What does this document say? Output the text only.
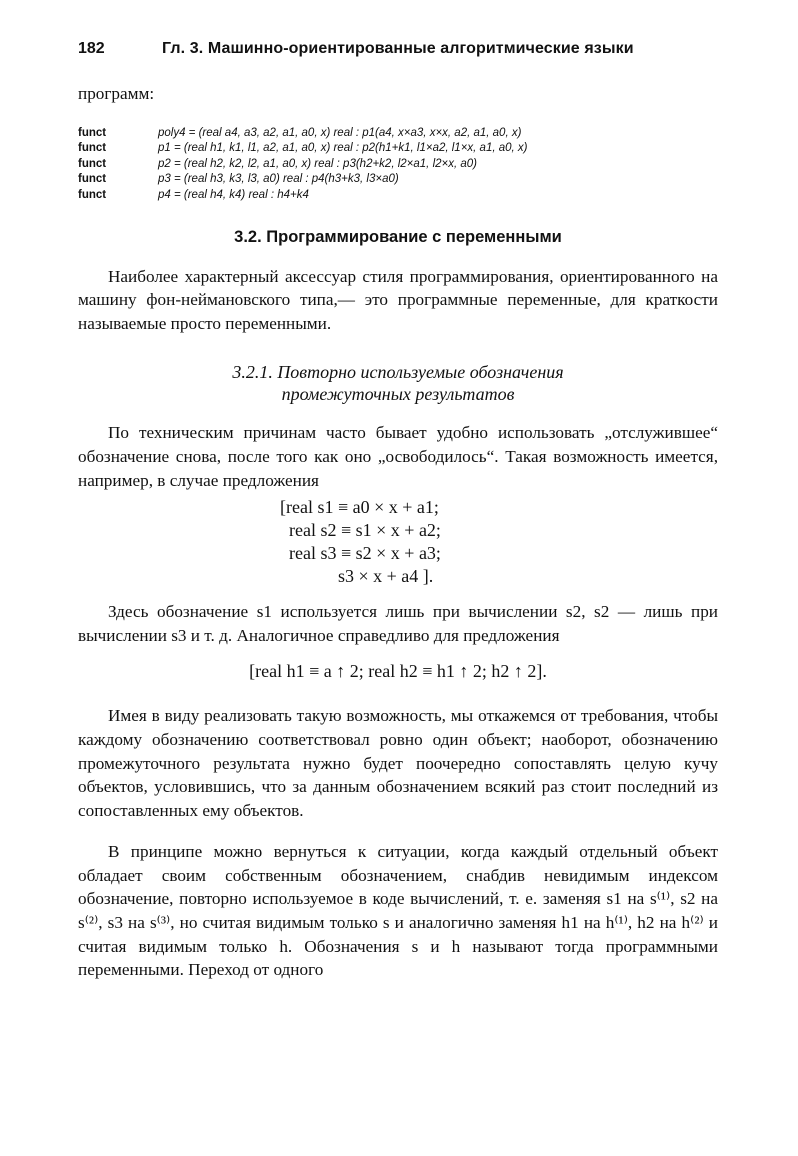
182	Гл. 3. Машинно-ориентированные алгоритмические языки

программ:

funct	poly4 = (real a4, a3, a2, a1, a0, x) real : p1(a4, x×a3, x×x, a2, a1, a0, x)
funct	p1 = (real h1, k1, l1, a2, a1, a0, x) real : p2(h1+k1, l1×a2, l1×x, a1, a0, x)
funct	p2 = (real h2, k2, l2, a1, a0, x) real : p3(h2+k2, l2×a1, l2×x, a0)
funct	p3 = (real h3, k3, l3, a0) real : p4(h3+k3, l3×a0)
funct	p4 = (real h4, k4) real : h4+k4
3.2. Программирование с переменными

Наиболее характерный аксессуар стиля программирования, ориентированного на машину фон-неймановского типа,— это программные переменные, для краткости называемые просто переменными.

3.2.1. Повторно используемые обозначения
промежуточных результатов

По техническим причинам часто бывает удобно использовать „отслужившее“ обозначение снова, после того как оно „освободилось“. Такая возможность имеется, например, в случае предложения

[real s1 ≡ a0 × x + a1;
real s2 ≡ s1 × x + a2;
real s3 ≡ s2 × x + a3;
s3 × x + a4 ].

Здесь обозначение s1 используется лишь при вычислении s2, s2 — лишь при вычислении s3 и т. д. Аналогичное справедливо для предложения

[real h1 ≡ a ↑ 2; real h2 ≡ h1 ↑ 2; h2 ↑ 2].

Имея в виду реализовать такую возможность, мы откажемся от требования, чтобы каждому обозначению соответствовал ровно один объект; наоборот, обозначению промежуточного результата нужно будет поочередно сопоставлять целую кучу объектов, условившись, что за данным обозначением всякий раз стоит последний из сопоставленных ему объектов.

В принципе можно вернуться к ситуации, когда каждый отдельный объект обладает своим собственным обозначением, снабдив невидимым индексом обозначение, повторно используемое в коде вычислений, т. е. заменяя s1 на s⁽¹⁾, s2 на s⁽²⁾, s3 на s⁽³⁾, но считая видимым только s и аналогично заменяя h1 на h⁽¹⁾, h2 на h⁽²⁾ и считая видимым только h. Обозначения s и h называют тогда программными переменными. Переход от одного
